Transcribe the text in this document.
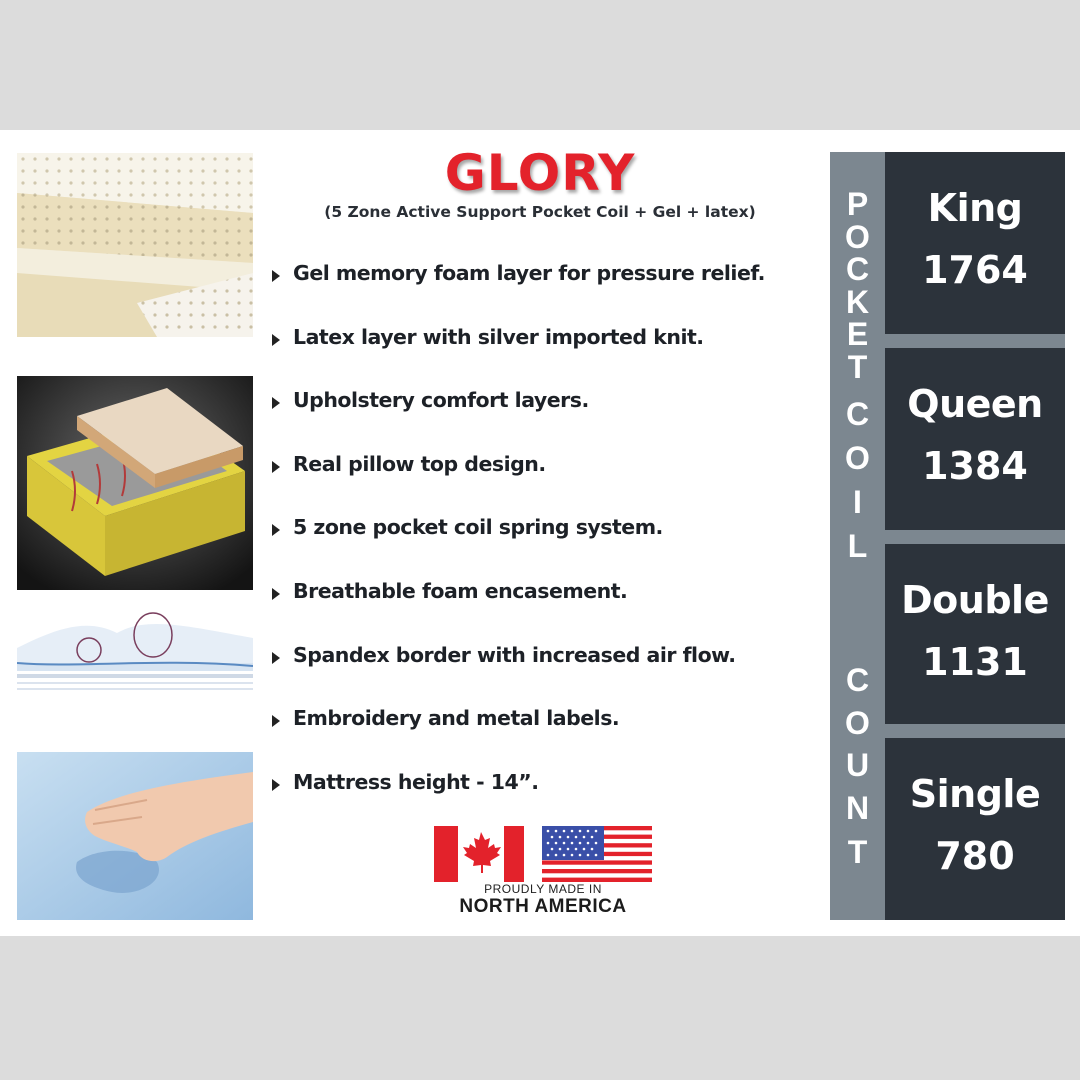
GLORY
(5 Zone Active Support Pocket Coil + Gel + latex)
Gel memory foam layer for pressure relief.
Latex layer with silver imported knit.
Upholstery comfort layers.
Real pillow top design.
5 zone pocket coil spring system.
Breathable foam encasement.
Spandex border with increased air flow.
Embroidery and metal labels.
Mattress height - 14”.
PROUDLY MADE IN
NORTH AMERICA
P
O
C
K
E
T
C
O
I
L
C
O
U
N
T
King
1764
Queen
1384
Double
1131
Single
780
